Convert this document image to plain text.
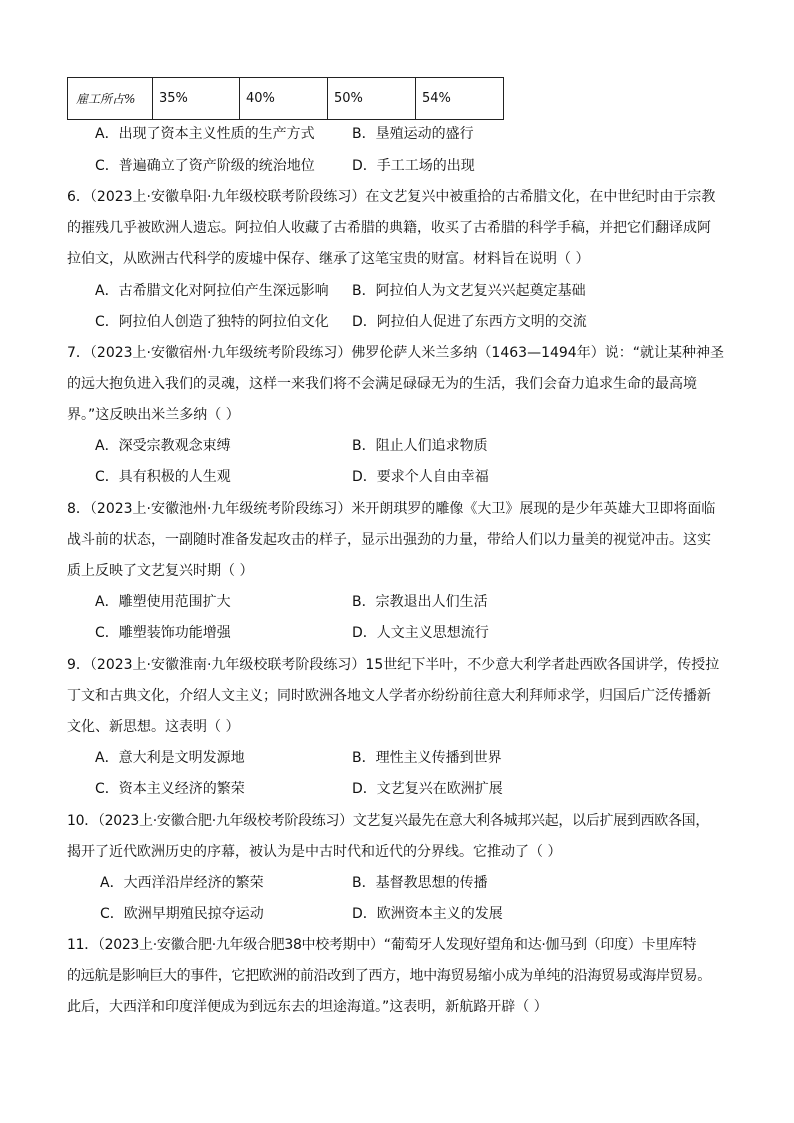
雇工所占%	35%	40%	50%	54%
A．出现了资本主义性质的生产方式	B．垦殖运动的盛行
C．普遍确立了资产阶级的统治地位	D．手工工场的出现
6．（2023上·安徽阜阳·九年级校联考阶段练习）在文艺复兴中被重拾的古希腊文化，在中世纪时由于宗教
的摧残几乎被欧洲人遗忘。阿拉伯人收藏了古希腊的典籍，收买了古希腊的科学手稿，并把它们翻译成阿
拉伯文，从欧洲古代科学的废墟中保存、继承了这笔宝贵的财富。材料旨在说明（ ）
A．古希腊文化对阿拉伯产生深远影响 B．阿拉伯人为文艺复兴兴起奠定基础
C．阿拉伯人创造了独特的阿拉伯文化 D．阿拉伯人促进了东西方文明的交流
7．（2023上·安徽宿州·九年级统考阶段练习）佛罗伦萨人米兰多纳（1463—1494年）说：“就让某种神圣
的远大抱负进入我们的灵魂，这样一来我们将不会满足碌碌无为的生活，我们会奋力追求生命的最高境
界。”这反映出米兰多纳（ ）
A．深受宗教观念束缚	B．阻止人们追求物质
C．具有积极的人生观	D．要求个人自由幸福
8．（2023上·安徽池州·九年级统考阶段练习）米开朗琪罗的雕像《大卫》展现的是少年英雄大卫即将面临
战斗前的状态，一副随时准备发起攻击的样子，显示出强劲的力量，带给人们以力量美的视觉冲击。这实
质上反映了文艺复兴时期（ ）
A．雕塑使用范围扩大	B．宗教退出人们生活
C．雕塑装饰功能增强	D．人文主义思想流行
9．（2023上·安徽淮南·九年级校联考阶段练习）15世纪下半叶，不少意大利学者赴西欧各国讲学，传授拉
丁文和古典文化，介绍人文主义；同时欧洲各地文人学者亦纷纷前往意大利拜师求学，归国后广泛传播新
文化、新思想。这表明（ ）
A．意大利是文明发源地	B．理性主义传播到世界
C．资本主义经济的繁荣	D．文艺复兴在欧洲扩展
10．（2023上·安徽合肥·九年级校考阶段练习）文艺复兴最先在意大利各城邦兴起，以后扩展到西欧各国，
揭开了近代欧洲历史的序幕，被认为是中古时代和近代的分界线。它推动了（ ）
A．大西洋沿岸经济的繁荣	B．基督教思想的传播
C．欧洲早期殖民掠夺运动	D．欧洲资本主义的发展
11．（2023上·安徽合肥·九年级合肥38中校考期中）“葡萄牙人发现好望角和达·伽马到（印度）卡里库特
的远航是影响巨大的事件，它把欧洲的前沿改到了西方，地中海贸易缩小成为单纯的沿海贸易或海岸贸易。
此后，大西洋和印度洋便成为到远东去的坦途海道。”这表明，新航路开辟（ ）
